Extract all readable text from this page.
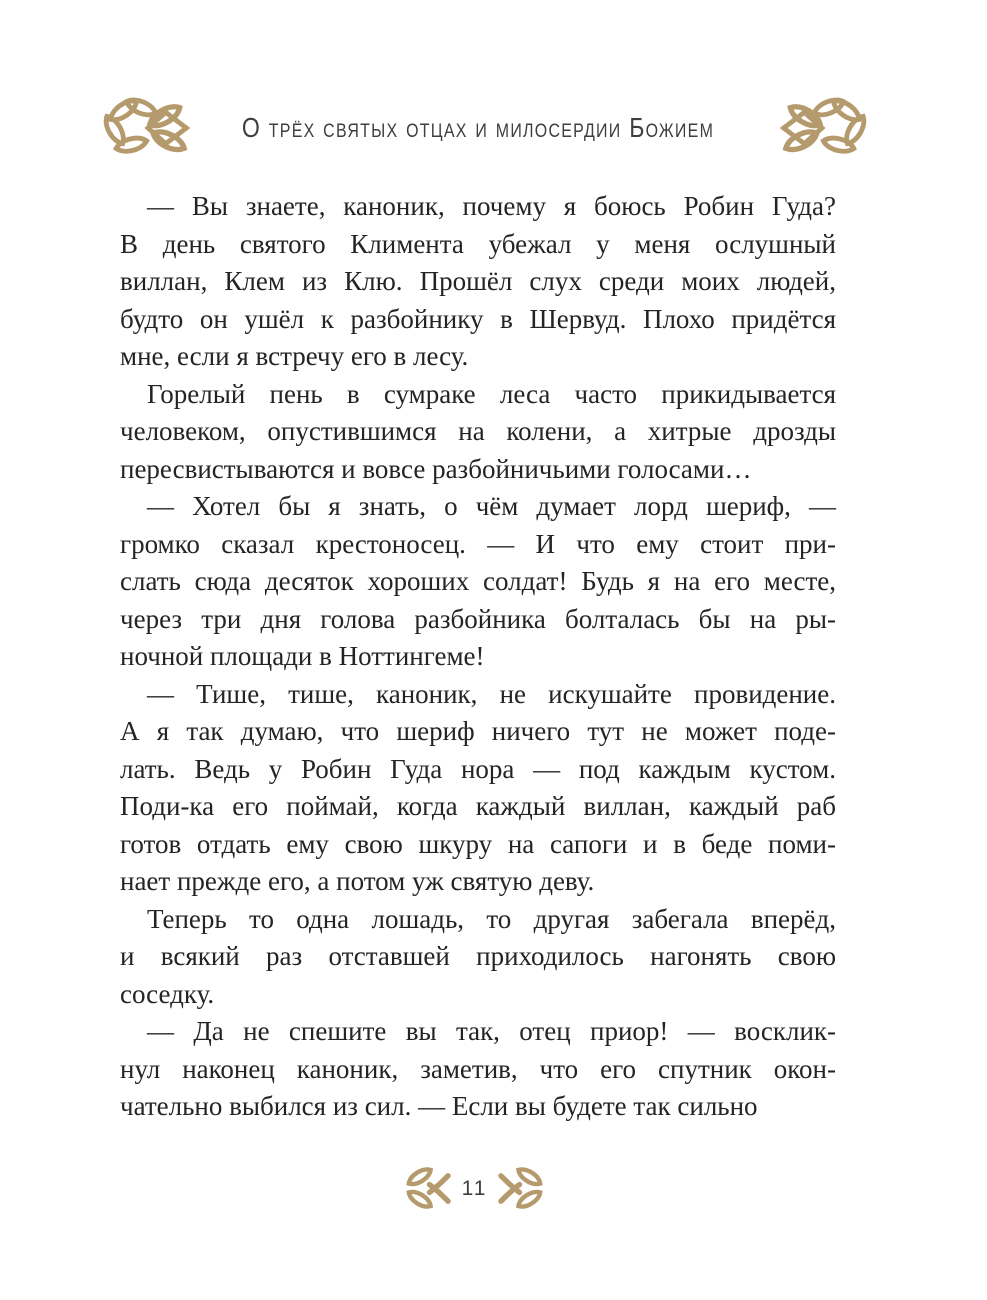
О трёх святых отцах и милосердии Божием
— Вы знаете, каноник, почему я боюсь Робин Гуда?
В день святого Климента убежал у меня ослушный
виллан, Клем из Клю. Прошёл слух среди моих людей,
будто он ушёл к разбойнику в Шервуд. Плохо придётся
мне, если я встречу его в лесу.
Горелый пень в сумраке леса часто прикидывается
человеком, опустившимся на колени, а хитрые дрозды
пересвистываются и вовсе разбойничьими голосами…
— Хотел бы я знать, о чём думает лорд шериф, —
громко сказал крестоносец. — И что ему стоит при-
слать сюда десяток хороших солдат! Будь я на его месте,
через три дня голова разбойника болталась бы на ры-
ночной площади в Ноттингеме!
— Тише, тише, каноник, не искушайте провидение.
А я так думаю, что шериф ничего тут не может поде-
лать. Ведь у Робин Гуда нора — под каждым кустом.
Поди-ка его поймай, когда каждый виллан, каждый раб
готов отдать ему свою шкуру на сапоги и в беде поми-
нает прежде его, а потом уж святую деву.
Теперь то одна лошадь, то другая забегала вперёд,
и всякий раз отставшей приходилось нагонять свою
соседку.
— Да не спешите вы так, отец приор! — восклик-
нул наконец каноник, заметив, что его спутник окон-
чательно выбился из сил. — Если вы будете так сильно
11
